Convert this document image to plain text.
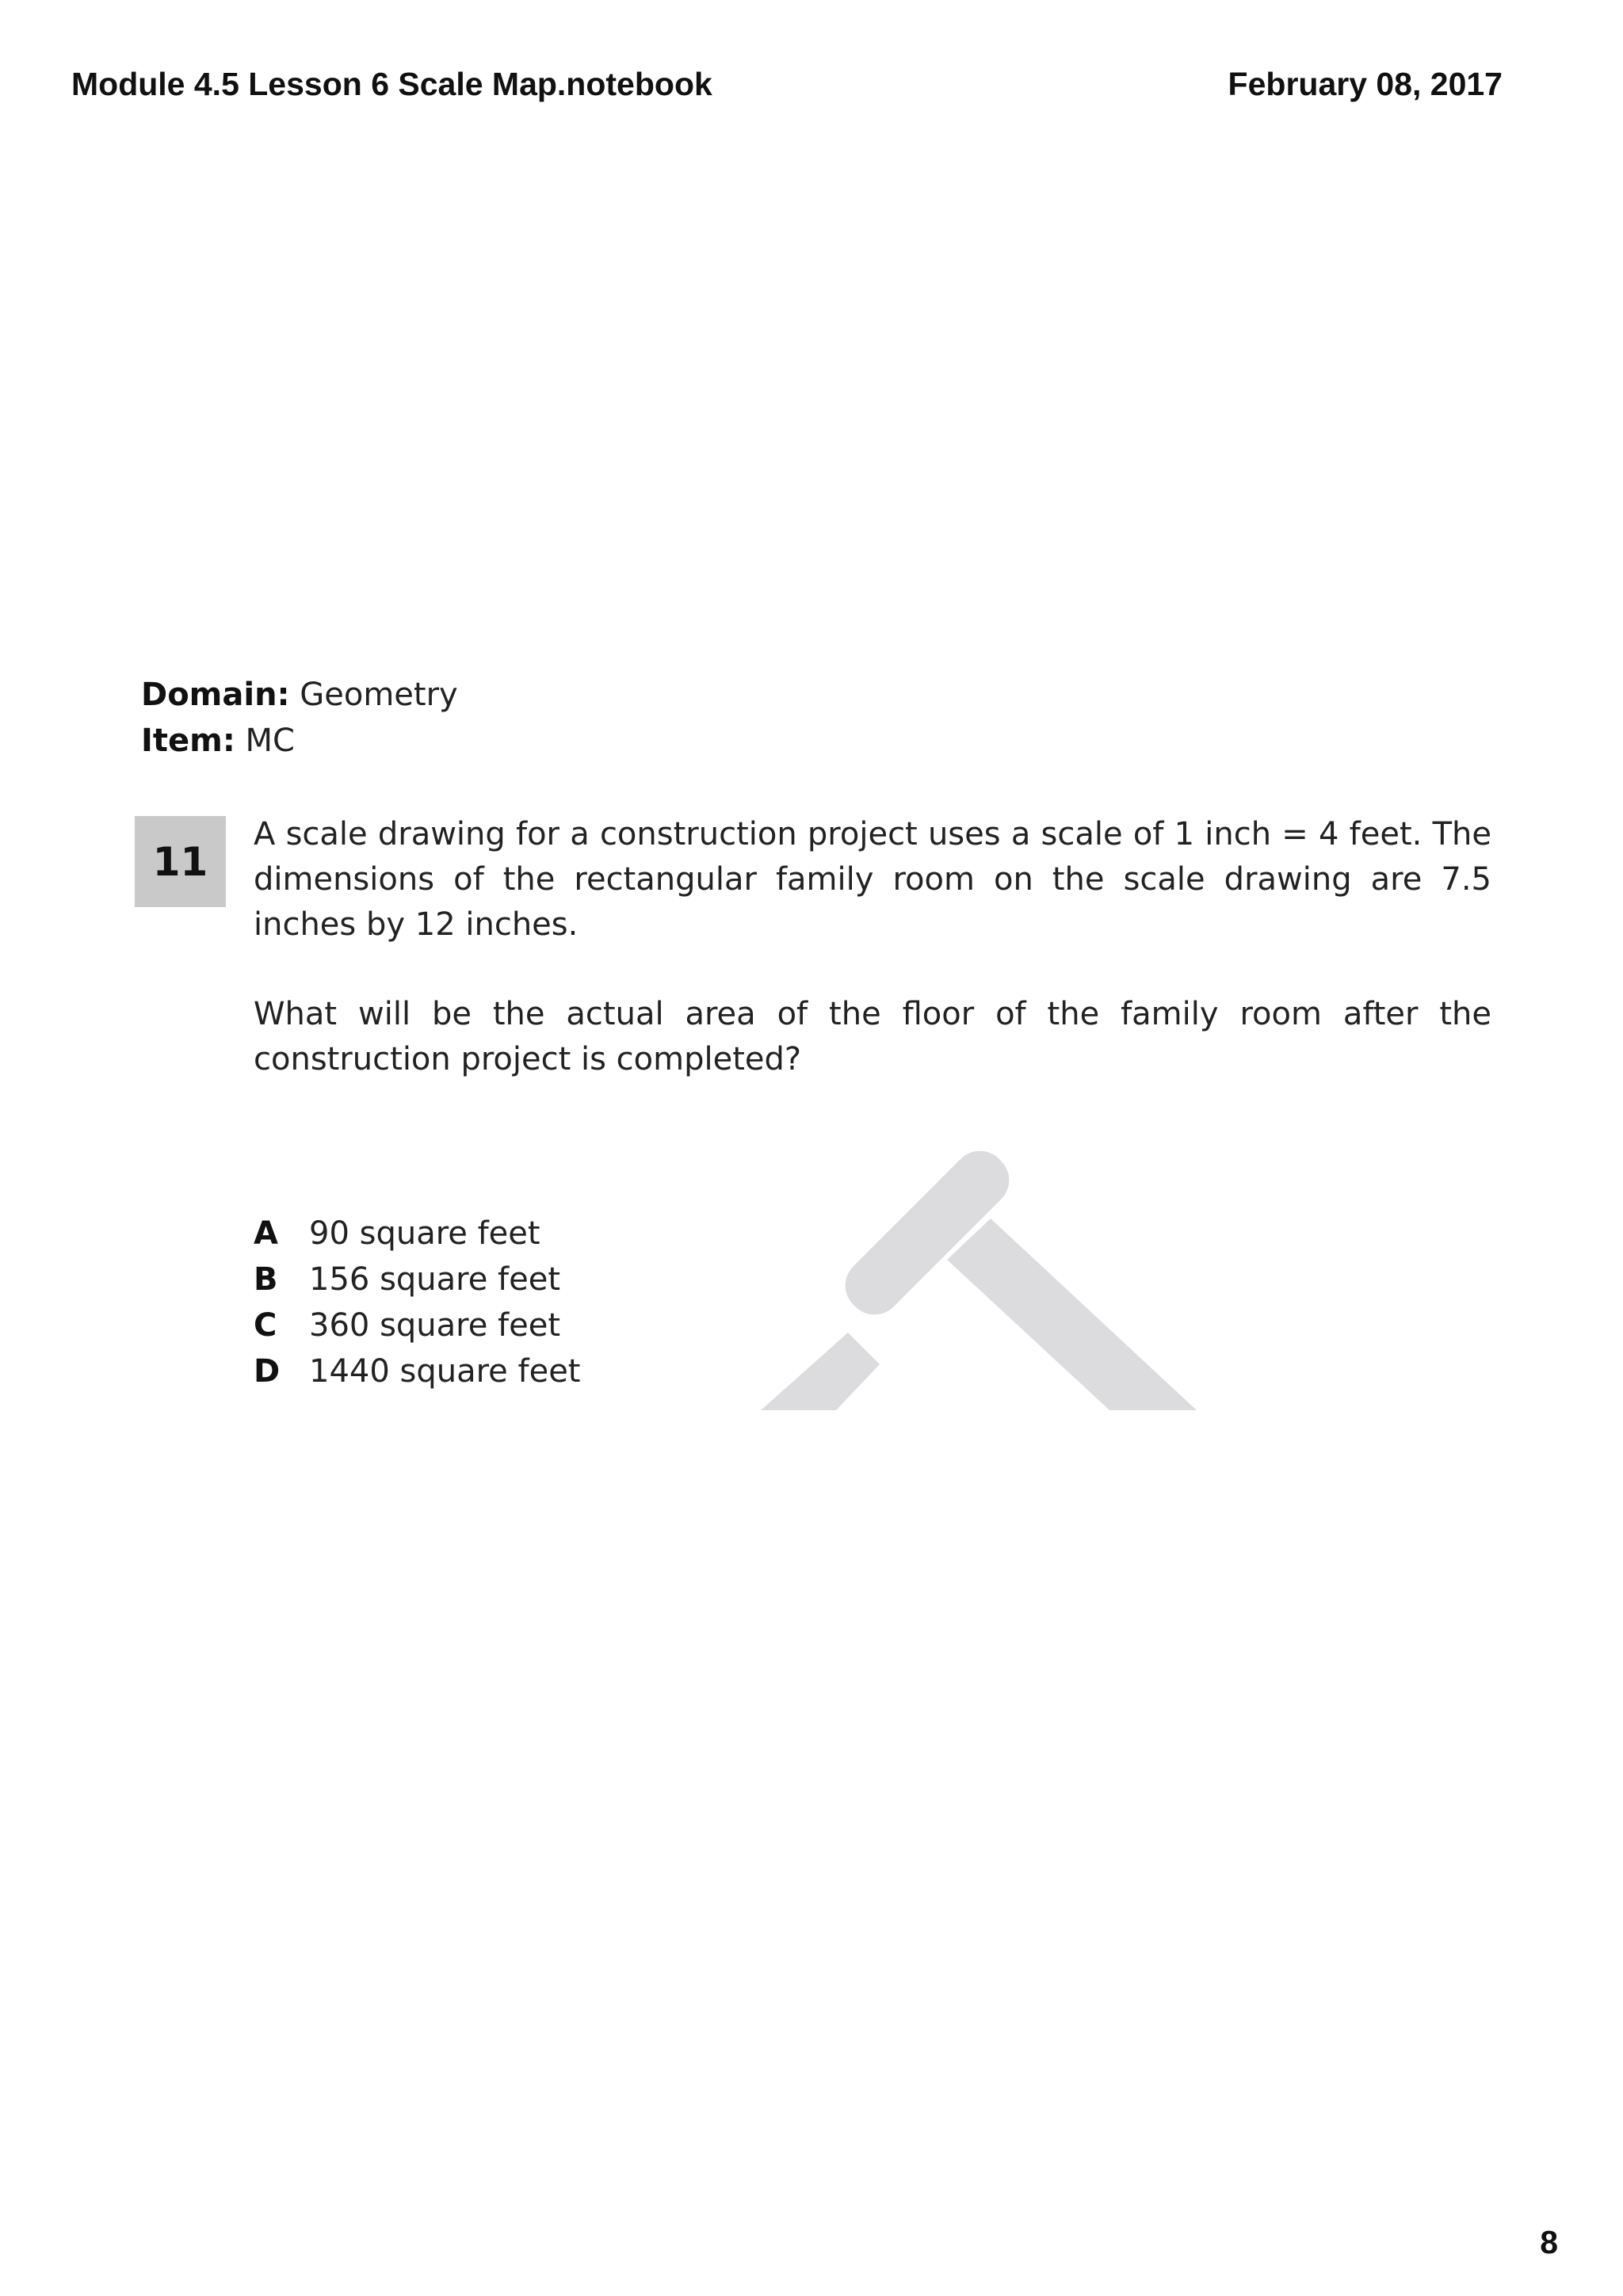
Module 4.5 Lesson 6 Scale Map.notebook	February 08, 2017
Domain: Geometry
Item: MC
11

A scale drawing for a construction project uses a scale of 1 inch = 4 feet. The dimensions of the rectangular family room on the scale drawing are 7.5 inches by 12 inches.

What will be the actual area of the floor of the family room after the construction project is completed?

A 90 square feet
B 156 square feet
C	360 square feet
D 1440 square feet
8
